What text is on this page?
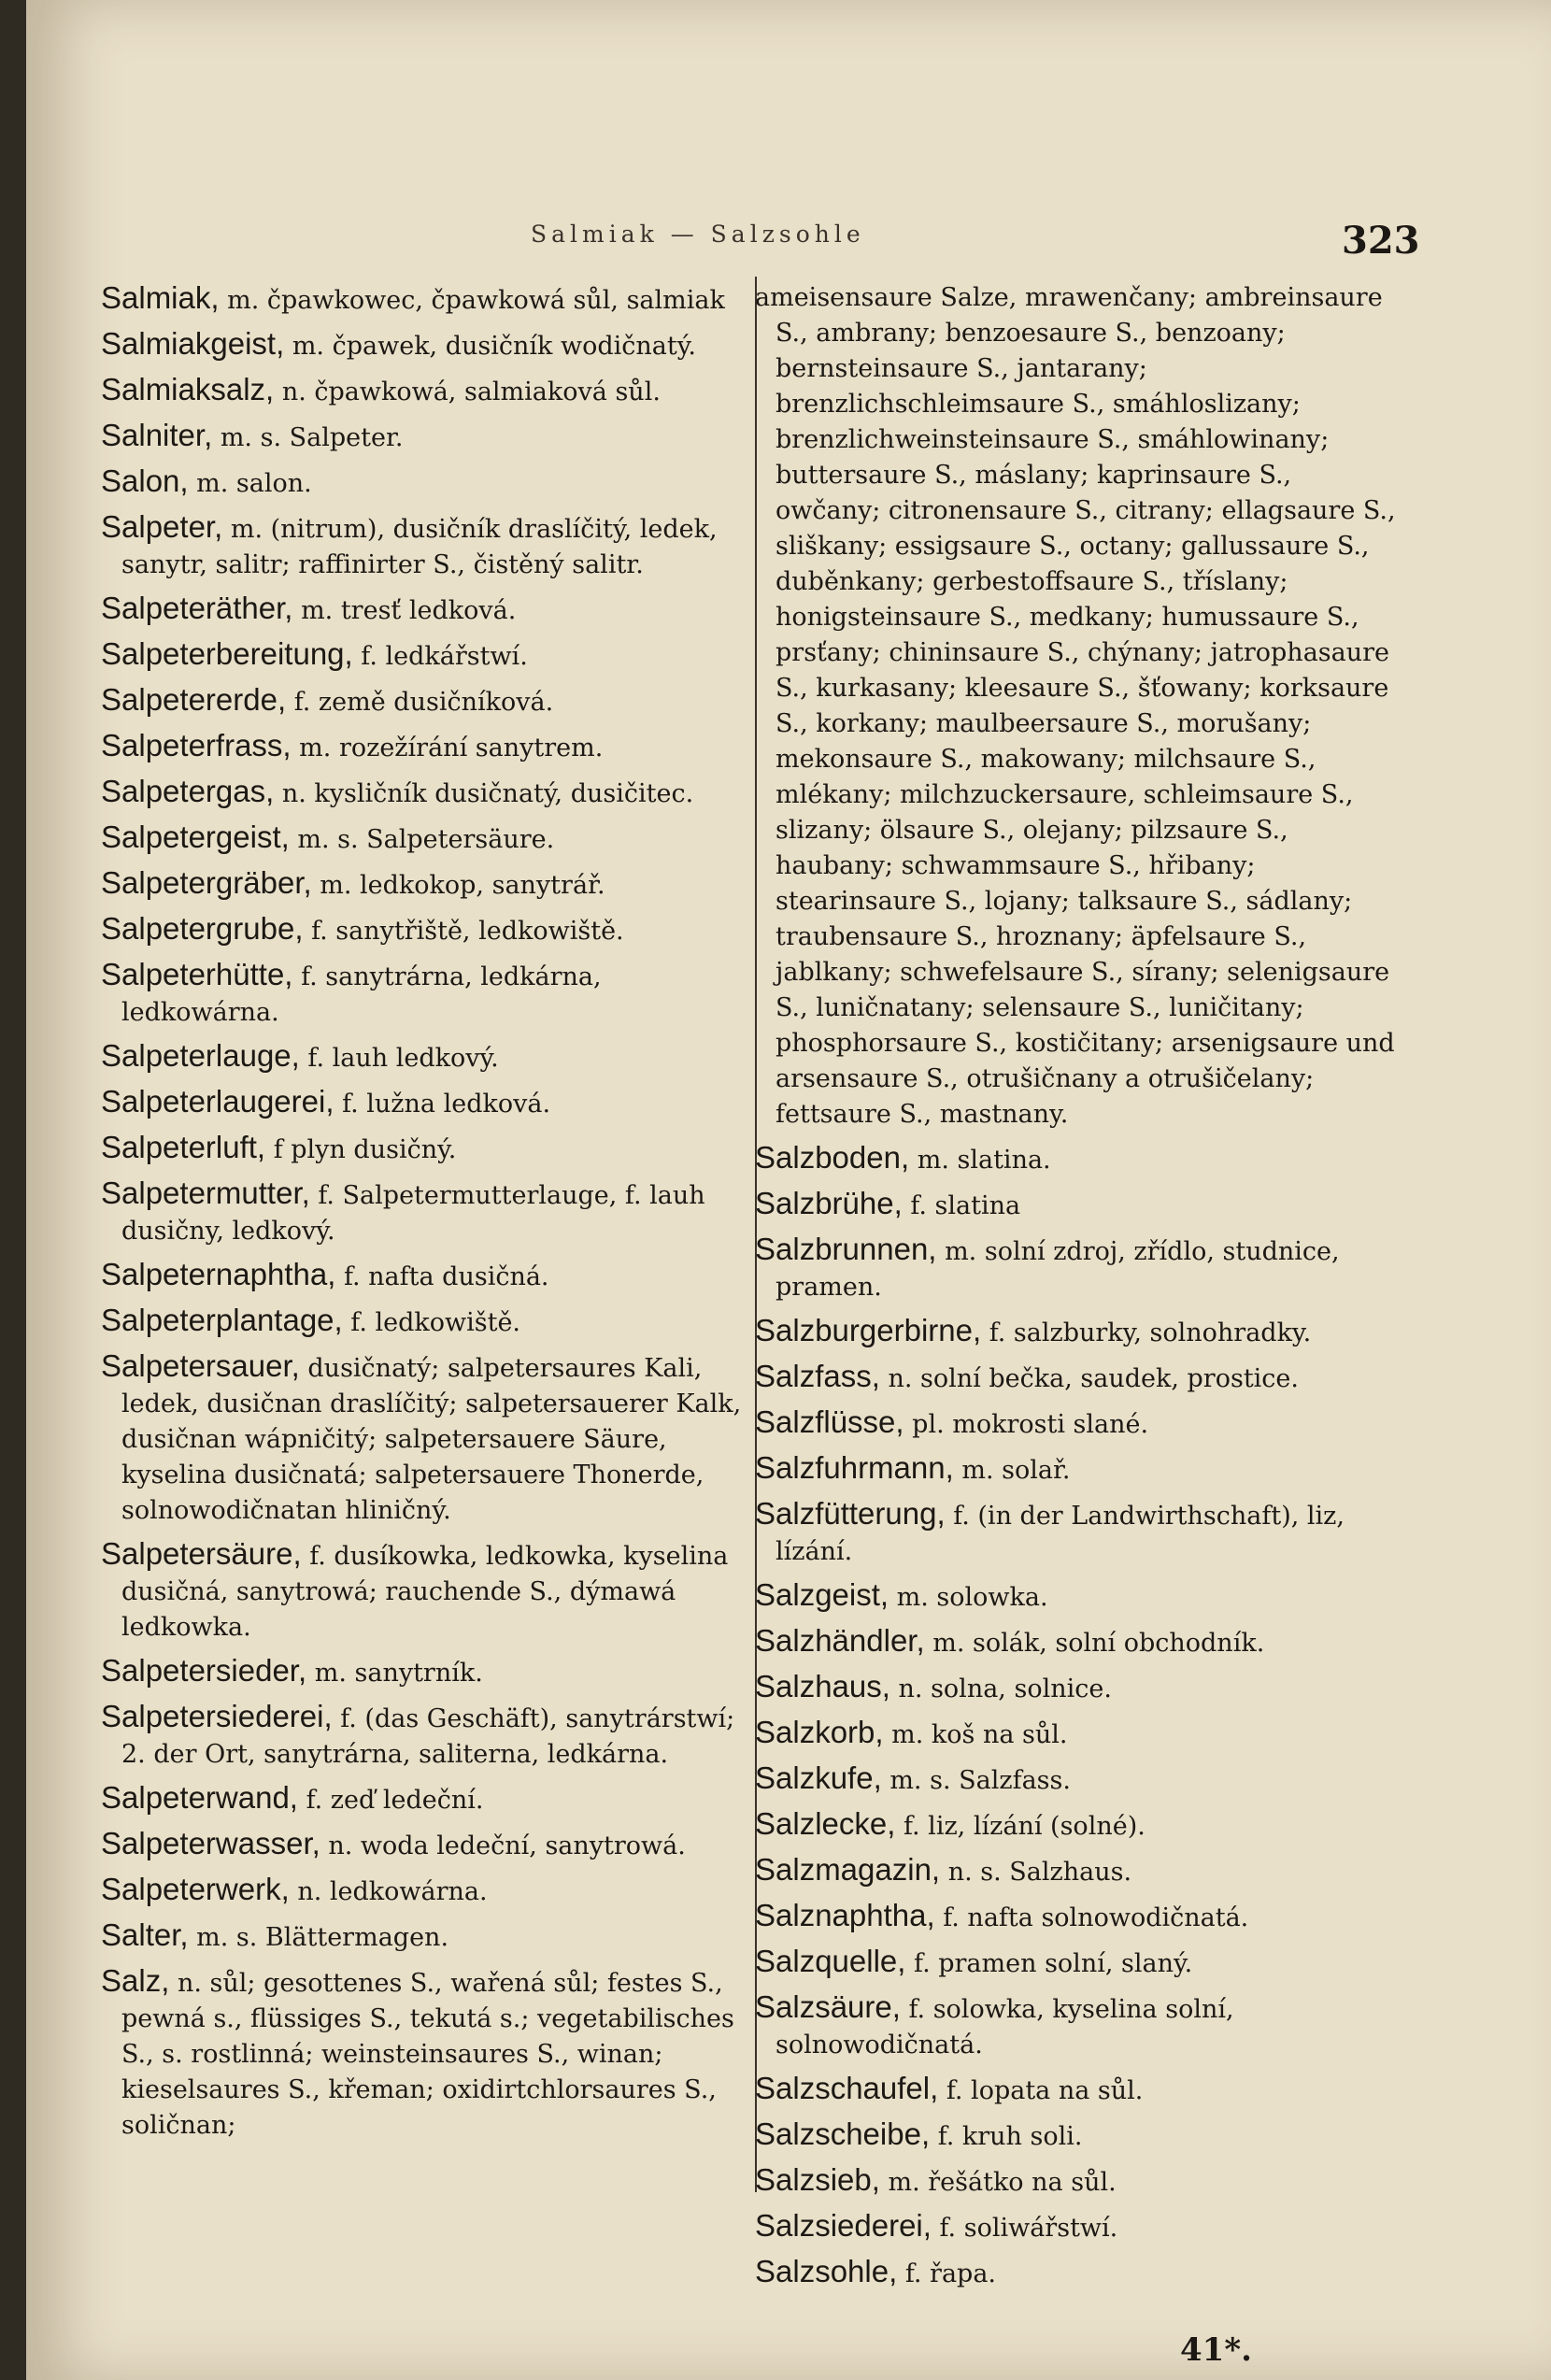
Salmiak — Salzsohle	323
Salmiak, m. čpawkowec, čpawkowá sůl, salmiak
Salmiakgeist, m. čpawek, dusičník wodičnatý.
Salmiaksalz, n. čpawkowá, salmiaková sůl.
Salniter, m. s. Salpeter.
Salon, m. salon.
Salpeter, m. (nitrum), dusičník draslíčitý, ledek, sanytr, salitr; raffinirter S., čistěný salitr.
Salpeteräther, m. tresť ledková.
Salpeterbereitung, f. ledkářstwí.
Salpetererde, f. země dusičníková.
Salpeterfrass, m. rozežírání sanytrem.
Salpetergas, n. kysličník dusičnatý, dusičitec.
Salpetergeist, m. s. Salpetersäure.
Salpetergräber, m. ledkokop, sanytrář.
Salpetergrube, f. sanytřiště, ledkowiště.
Salpeterhütte, f. sanytrárna, ledkárna, ledkowárna.
Salpeterlauge, f. lauh ledkový.
Salpeterlaugerei, f. lužna ledková.
Salpeterluft, f plyn dusičný.
Salpetermutter, f. Salpetermutterlauge, f. lauh dusičny, ledkový.
Salpeternaphtha, f. nafta dusičná.
Salpeterplantage, f. ledkowiště.
Salpetersauer, dusičnatý; salpetersaures Kali, ledek, dusičnan draslíčitý; salpetersauerer Kalk, dusičnan wápničitý; salpetersauere Säure, kyselina dusičnatá; salpetersauere Thonerde, solnowodičnatan hliničný.
Salpetersäure, f. dusíkowka, ledkowka, kyselina dusičná, sanytrowá; rauchende S., dýmawá ledkowka.
Salpetersieder, m. sanytrník.
Salpetersiederei, f. (das Geschäft), sanytrárstwí; 2. der Ort, sanytrárna, saliterna, ledkárna.
Salpeterwand, f. zeď ledeční.
Salpeterwasser, n. woda ledeční, sanytrowá.
Salpeterwerk, n. ledkowárna.
Salter, m. s. Blättermagen.
Salz, n. sůl; gesottenes S., wařená sůl; festes S., pewná s., flüssiges S., tekutá s.; vegetabilisches S., s. rostlinná; weinsteinsaures S., winan; kieselsaures S., křeman; oxidirtchlorsaures S., soličnan;
ameisensaure Salze, mrawenčany; ambreinsaure S., ambrany; benzoesaure S., benzoany; bernsteinsaure S., jantarany; brenzlichschleimsaure S., smáhloslizany; brenzlichweinsteinsaure S., smáhlowinany; buttersaure S., máslany; kaprinsaure S., owčany; citronensaure S., citrany; ellagsaure S., sliškany; essigsaure S., octany; gallussaure S., duběnkany; gerbestoffsaure S., tříslany; honigsteinsaure S., medkany; humussaure S., prsťany; chininsaure S., chýnany; jatrophasaure S., kurkasany; kleesaure S., šťowany; korksaure S., korkany; maulbeersaure S., morušany; mekonsaure S., makowany; milchsaure S., mlékany; milchzuckersaure, schleimsaure S., slizany; ölsaure S., olejany; pilzsaure S., haubany; schwammsaure S., hřibany; stearinsaure S., lojany; talksaure S., sádlany; traubensaure S., hroznany; äpfelsaure S., jablkany; schwefelsaure S., sírany; selenigsaure S., luničnatany; selensaure S., luničitany; phosphorsaure S., kostičitany; arsenigsaure und arsensaure S., otrušičnany a otrušičelany; fettsaure S., mastnany.
Salzboden, m. slatina.
Salzbrühe, f. slatina
Salzbrunnen, m. solní zdroj, zřídlo, studnice, pramen.
Salzburgerbirne, f. salzburky, solnohradky.
Salzfass, n. solní bečka, saudek, prostice.
Salzflüsse, pl. mokrosti slané.
Salzfuhrmann, m. solař.
Salzfütterung, f. (in der Landwirthschaft), liz, lízání.
Salzgeist, m. solowka.
Salzhändler, m. solák, solní obchodník.
Salzhaus, n. solna, solnice.
Salzkorb, m. koš na sůl.
Salzkufe, m. s. Salzfass.
Salzlecke, f. liz, lízání (solné).
Salzmagazin, n. s. Salzhaus.
Salznaphtha, f. nafta solnowodičnatá.
Salzquelle, f. pramen solní, slaný.
Salzsäure, f. solowka, kyselina solní, solnowodičnatá.
Salzschaufel, f. lopata na sůl.
Salzscheibe, f. kruh soli.
Salzsieb, m. řešátko na sůl.
Salzsiederei, f. soliwářstwí.
Salzsohle, f. řapa.
41*.
